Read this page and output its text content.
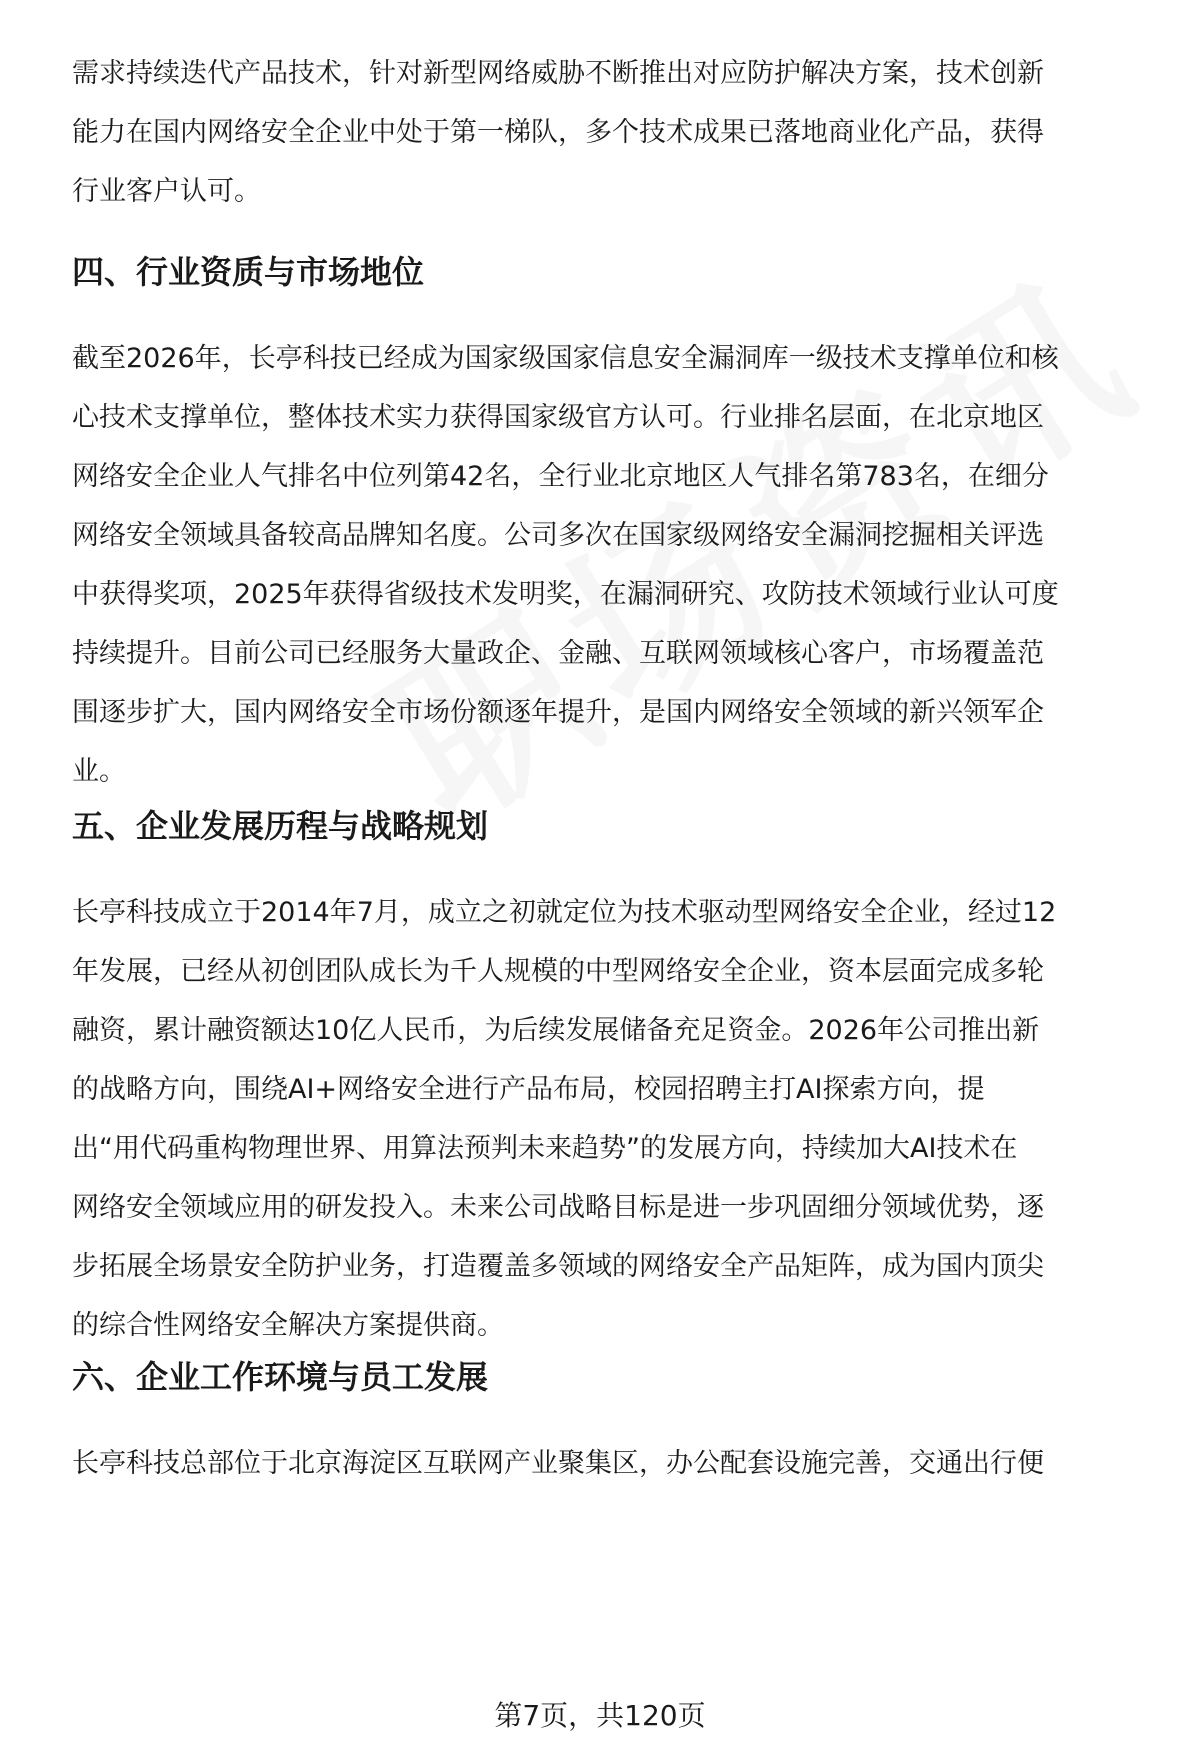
需求持续迭代产品技术，针对新型网络威胁不断推出对应防护解决方案，技术创新
能力在国内网络安全企业中处于第一梯队，多个技术成果已落地商业化产品，获得
行业客户认可。

四、行业资质与市场地位

截至2026年，长亭科技已经成为国家级国家信息安全漏洞库一级技术支撑单位和核
心技术支撑单位，整体技术实力获得国家级官方认可。行业排名层面，在北京地区
网络安全企业人气排名中位列第42名，全行业北京地区人气排名第783名，在细分
网络安全领域具备较高品牌知名度。公司多次在国家级网络安全漏洞挖掘相关评选
中获得奖项，2025年获得省级技术发明奖，在漏洞研究、攻防技术领域行业认可度
持续提升。目前公司已经服务大量政企、金融、互联网领域核心客户，市场覆盖范
围逐步扩大，国内网络安全市场份额逐年提升，是国内网络安全领域的新兴领军企
业。

五、企业发展历程与战略规划

长亭科技成立于2014年7月，成立之初就定位为技术驱动型网络安全企业，经过12
年发展，已经从初创团队成长为千人规模的中型网络安全企业，资本层面完成多轮
融资，累计融资额达10亿人民币，为后续发展储备充足资金。2026年公司推出新
的战略方向，围绕AI+网络安全进行产品布局，校园招聘主打AI探索方向，提
出“用代码重构物理世界、用算法预判未来趋势”的发展方向，持续加大AI技术在
网络安全领域应用的研发投入。未来公司战略目标是进一步巩固细分领域优势，逐
步拓展全场景安全防护业务，打造覆盖多领域的网络安全产品矩阵，成为国内顶尖
的综合性网络安全解决方案提供商。

六、企业工作环境与员工发展

长亭科技总部位于北京海淀区互联网产业聚集区，办公配套设施完善，交通出行便

第7页，共120页
